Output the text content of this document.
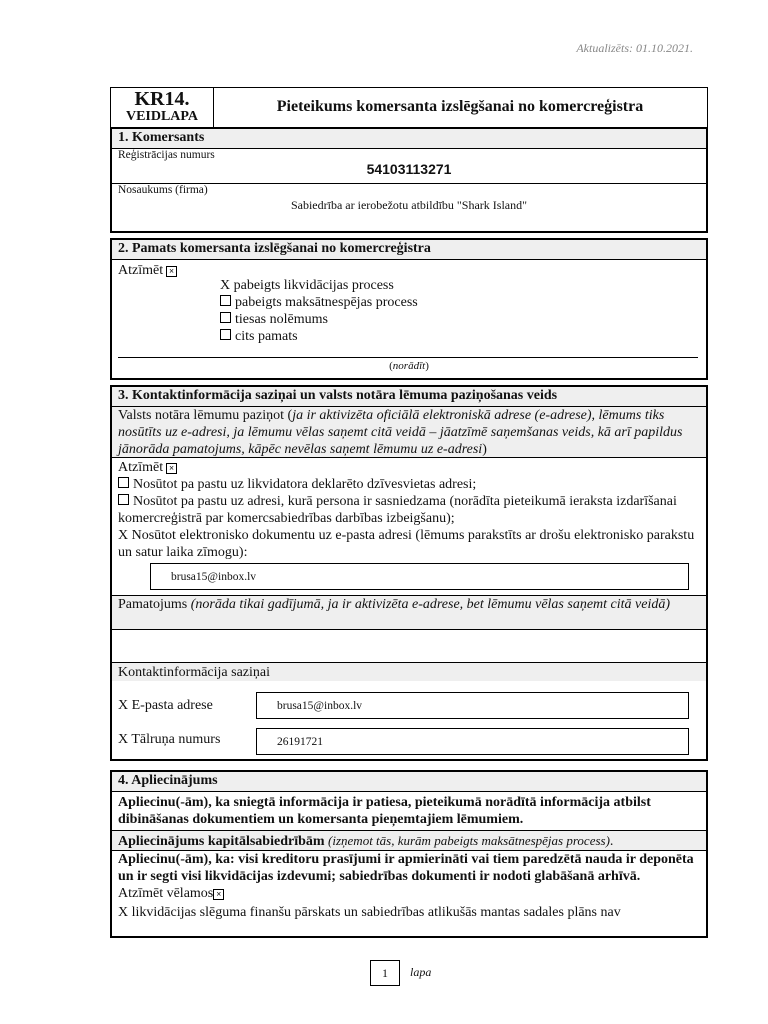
Aktualizēts: 01.10.2021.
KR14.
VEIDLAPA
Pieteikums komersanta izslēgšanai no komercreģistra
1. Komersants
Reģistrācijas numurs
54103113271
Nosaukums (firma)
Sabiedrība ar ierobežotu atbildību "Shark Island"
2. Pamats komersanta izslēgšanai no komercreģistra
Atzīmēt ×
X pabeigts likvidācijas process
pabeigts maksātnespējas process
tiesas nolēmums
cits pamats
(norādīt)
3. Kontaktinformācija saziņai un valsts notāra lēmuma paziņošanas veids
Valsts notāra lēmumu paziņot (ja ir aktivizēta oficiālā elektroniskā adrese (e-adrese), lēmums tiks nosūtīts uz e-adresi, ja lēmumu vēlas saņemt citā veidā – jāatzīmē saņemšanas veids, kā arī papildus jānorāda pamatojums, kāpēc nevēlas saņemt lēmumu uz e-adresi)
Atzīmēt ×
Nosūtot pa pastu uz likvidatora deklarēto dzīvesvietas adresi;
Nosūtot pa pastu uz adresi, kurā persona ir sasniedzama (norādīta pieteikumā ieraksta izdarīšanai komercreģistrā par komercsabiedrības darbības izbeigšanu);
X Nosūtot elektronisko dokumentu uz e-pasta adresi (lēmums parakstīts ar drošu elektronisko parakstu un satur laika zīmogu):
brusa15@inbox.lv
Pamatojums (norāda tikai gadījumā, ja ir aktivizēta e-adrese, bet lēmumu vēlas saņemt citā veidā)
Kontaktinformācija saziņai
X E-pasta adrese	brusa15@inbox.lv
X Tālruņa numurs	26191721
4. Apliecinājums
Apliecinu(-ām), ka sniegtā informācija ir patiesa, pieteikumā norādītā informācija atbilst dibināšanas dokumentiem un komersanta pieņemtajiem lēmumiem.
Apliecinājums kapitālsabiedrībām (izņemot tās, kurām pabeigts maksātnespējas process).
Apliecinu(-ām), ka: visi kreditoru prasījumi ir apmierināti vai tiem paredzētā nauda ir deponēta un ir segti visi likvidācijas izdevumi; sabiedrības dokumenti ir nodoti glabāšanā arhīvā.
Atzīmēt vēlamos ×
X likvidācijas slēguma finanšu pārskats un sabiedrības atlikušās mantas sadales plāns nav
1	lapa
